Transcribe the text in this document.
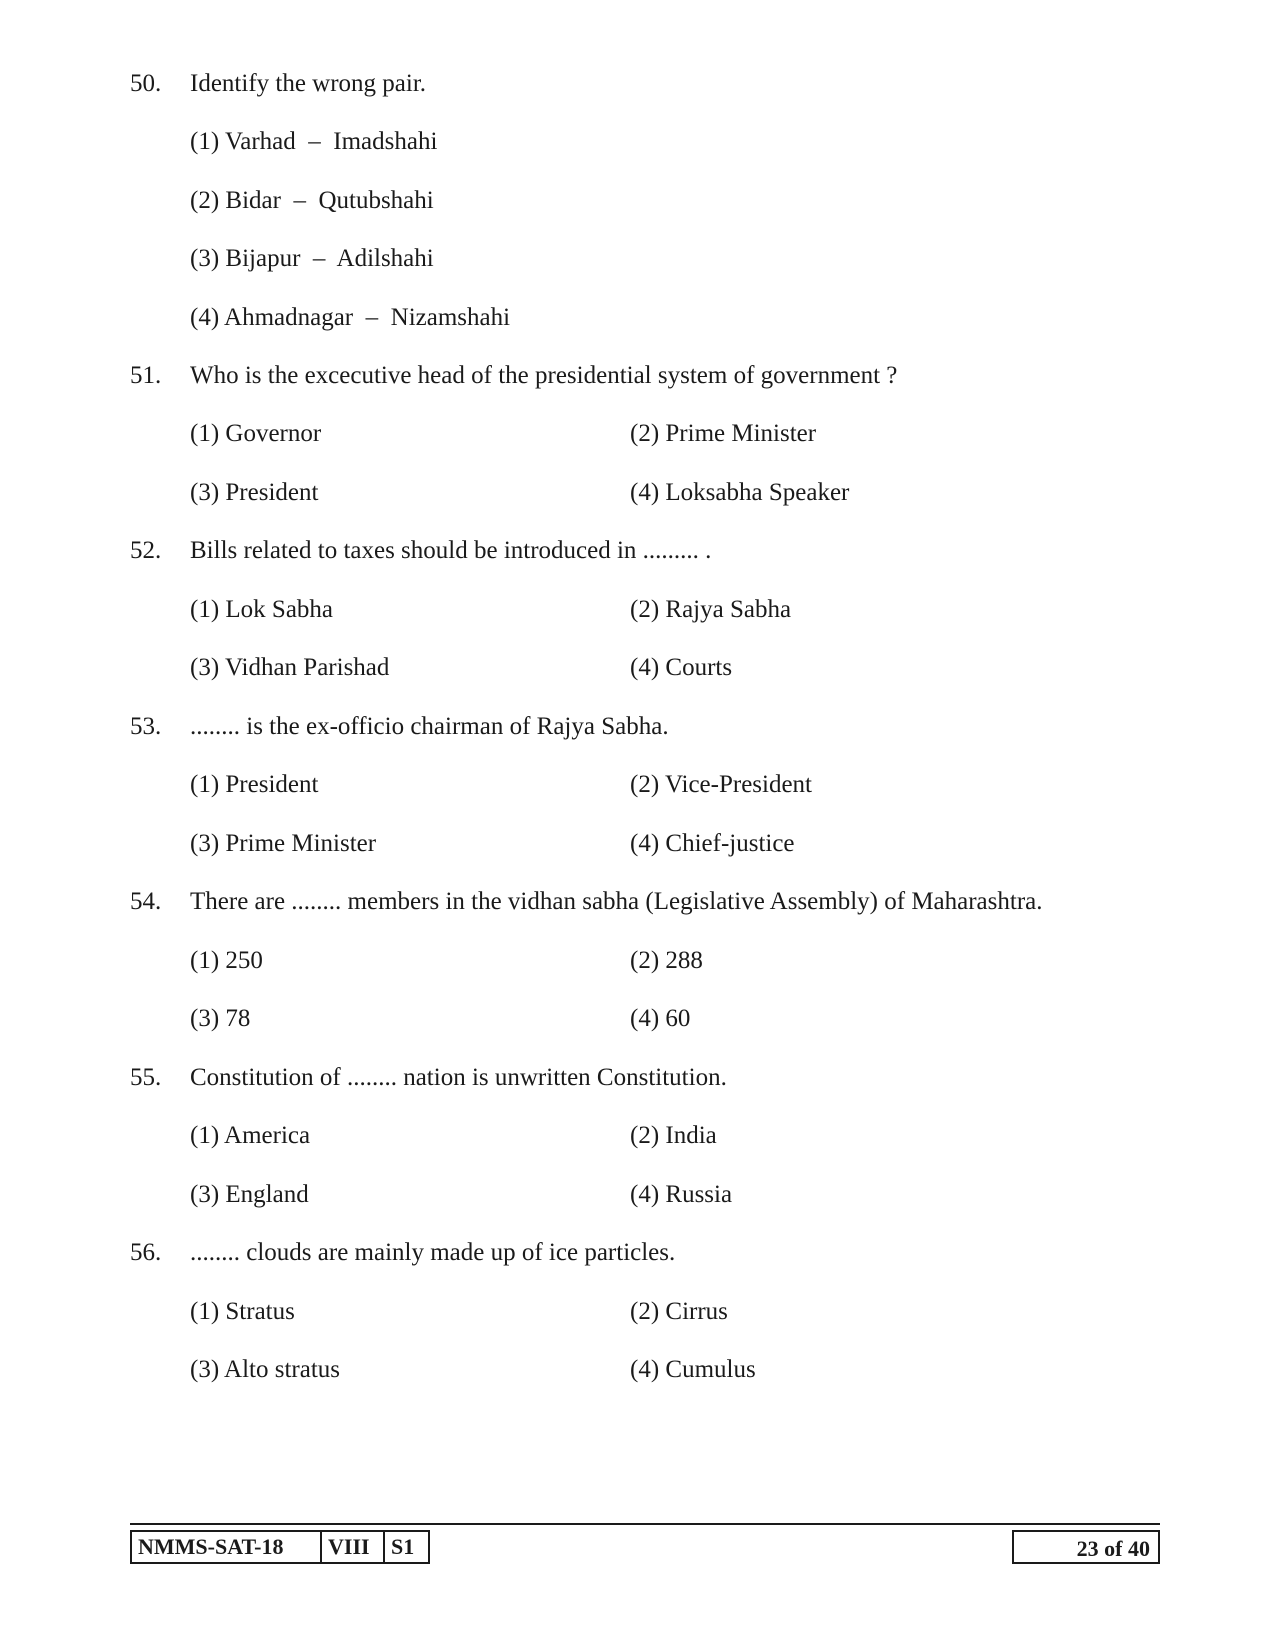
50. Identify the wrong pair.
(1) Varhad  –  Imadshahi
(2) Bidar  –  Qutubshahi
(3) Bijapur  –  Adilshahi
(4) Ahmadnagar  –  Nizamshahi
51. Who is the excecutive head of the presidential system of government ?
(1) Governor	(2) Prime Minister
(3) President	(4) Loksabha Speaker
52. Bills related to taxes should be introduced in ......... .
(1) Lok Sabha	(2) Rajya Sabha
(3) Vidhan Parishad	(4) Courts
53. ........ is the ex-officio chairman of Rajya Sabha.
(1) President	(2) Vice-President
(3) Prime Minister	(4) Chief-justice
54. There are ........ members in the vidhan sabha (Legislative Assembly) of Maharashtra.
(1) 250	(2) 288
(3) 78	(4) 60
55. Constitution of ........ nation is unwritten Constitution.
(1) America	(2) India
(3) England	(4) Russia
56. ........ clouds are mainly made up of ice particles.
(1) Stratus	(2) Cirrus
(3) Alto stratus	(4) Cumulus
NMMS-SAT-18	VIII S1	23 of 40
